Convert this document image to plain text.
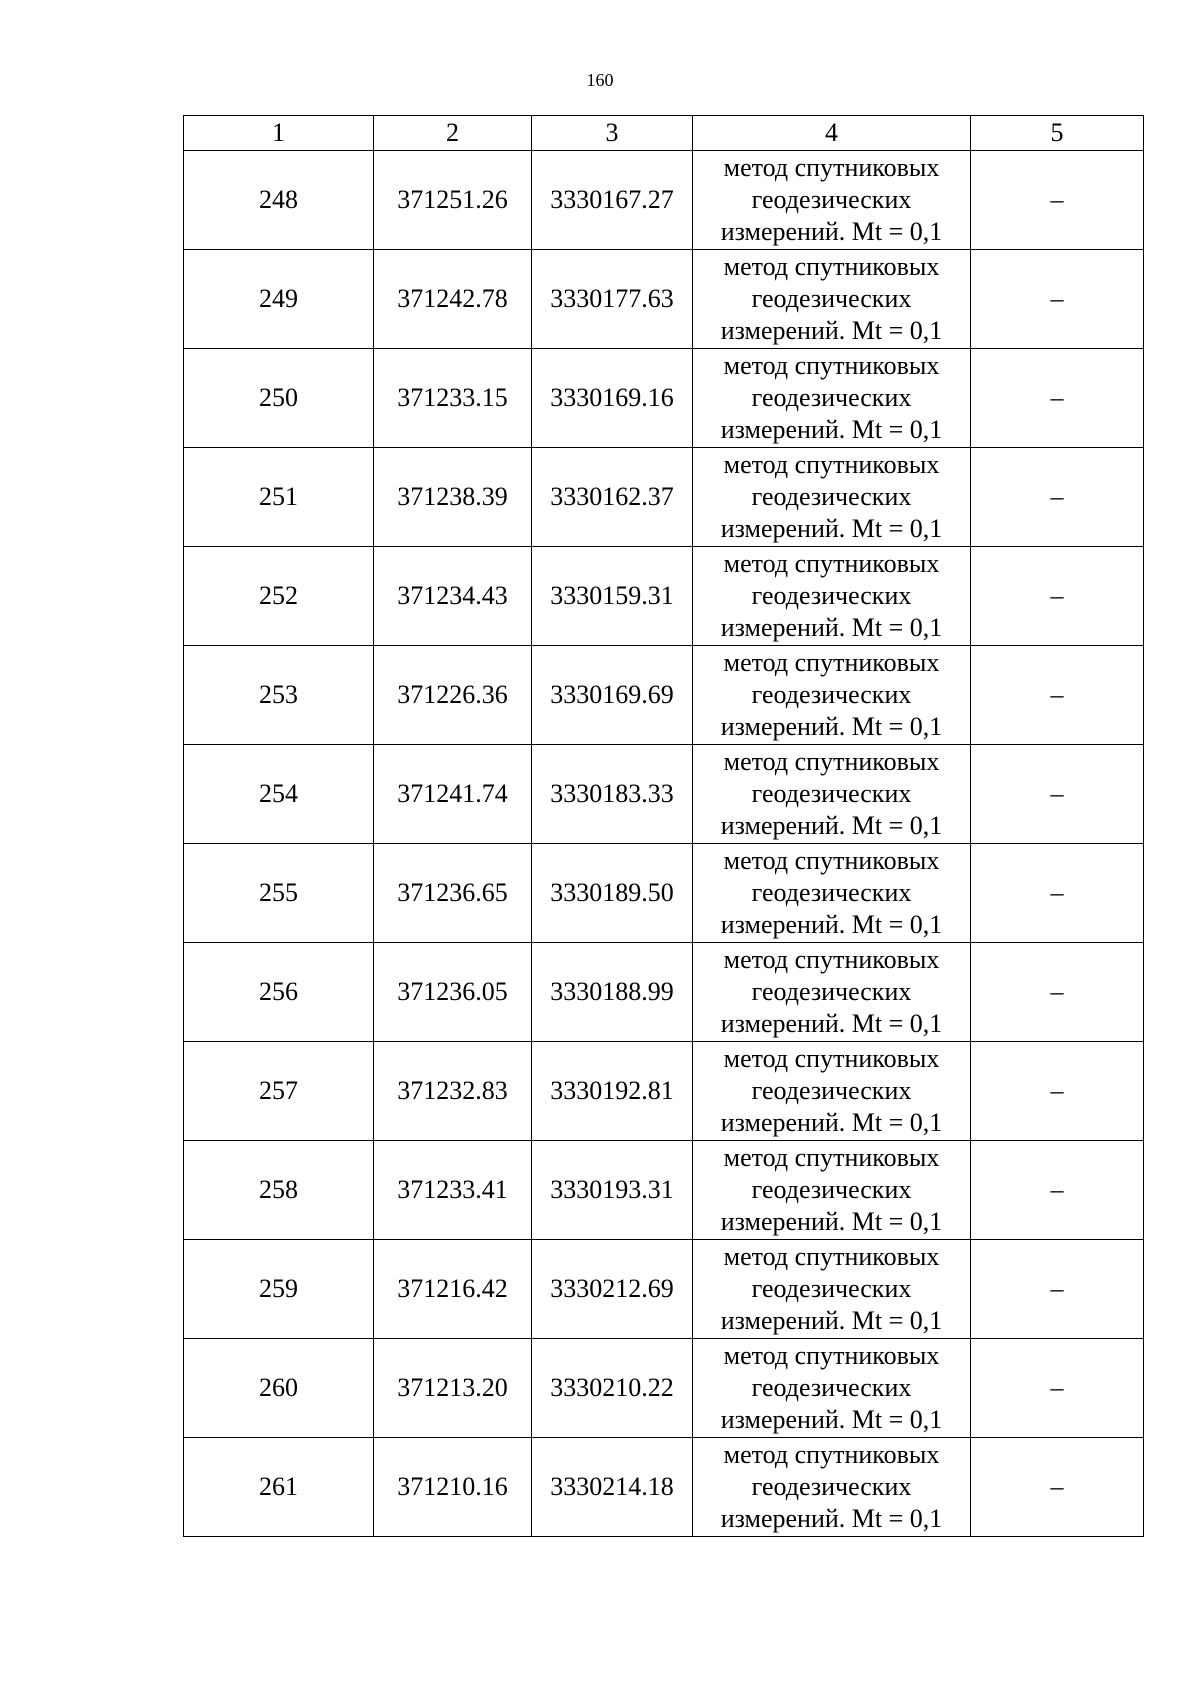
160
1	2	3	4	5
248	371251.26	3330167.27	метод спутниковых
геодезических
измерений. Mt = 0,1	–
249	371242.78	3330177.63	метод спутниковых
геодезических
измерений. Mt = 0,1	–
250	371233.15	3330169.16	метод спутниковых
геодезических
измерений. Mt = 0,1	–
251	371238.39	3330162.37	метод спутниковых
геодезических
измерений. Mt = 0,1	–
252	371234.43	3330159.31	метод спутниковых
геодезических
измерений. Mt = 0,1	–
253	371226.36	3330169.69	метод спутниковых
геодезических
измерений. Mt = 0,1	–
254	371241.74	3330183.33	метод спутниковых
геодезических
измерений. Mt = 0,1	–
255	371236.65	3330189.50	метод спутниковых
геодезических
измерений. Mt = 0,1	–
256	371236.05	3330188.99	метод спутниковых
геодезических
измерений. Mt = 0,1	–
257	371232.83	3330192.81	метод спутниковых
геодезических
измерений. Mt = 0,1	–
258	371233.41	3330193.31	метод спутниковых
геодезических
измерений. Mt = 0,1	–
259	371216.42	3330212.69	метод спутниковых
геодезических
измерений. Mt = 0,1	–
260	371213.20	3330210.22	метод спутниковых
геодезических
измерений. Mt = 0,1	–
261	371210.16	3330214.18	метод спутниковых
геодезических
измерений. Mt = 0,1	–
